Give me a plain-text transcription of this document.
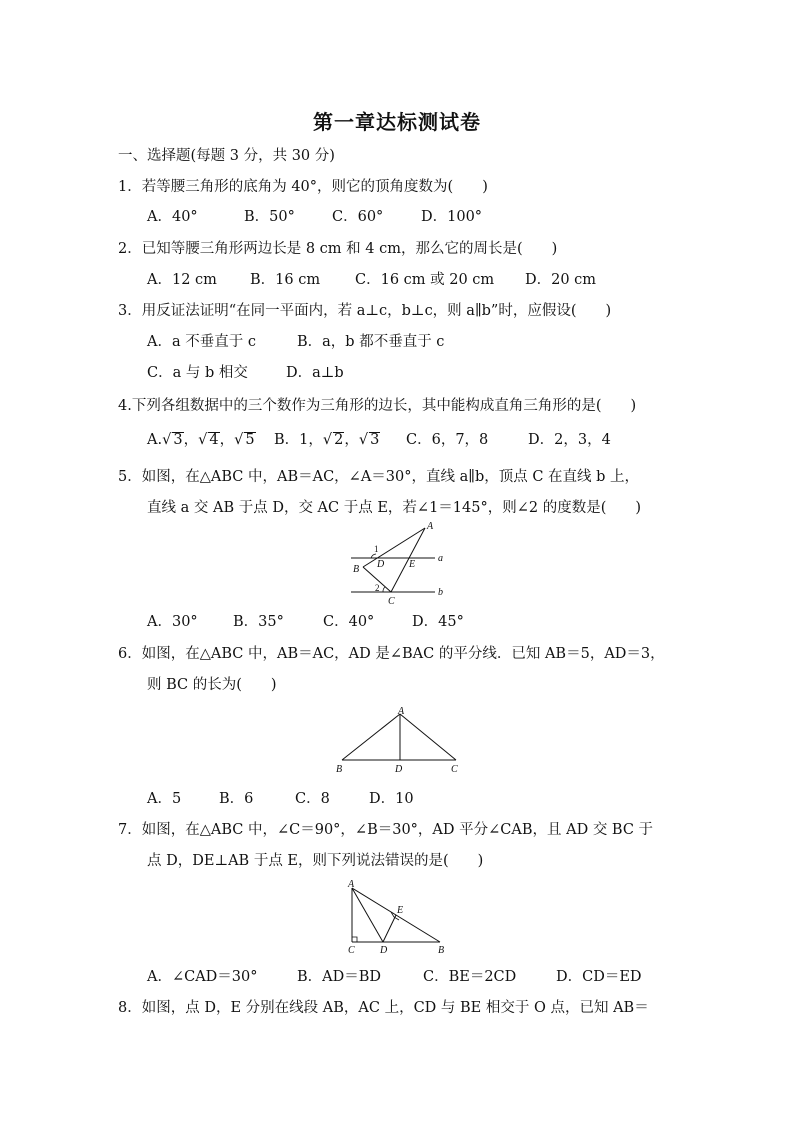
第一章达标测试卷
一、选择题(每题 3 分，共 30 分)
1．若等腰三角形的底角为 40°，则它的顶角度数为(　　)
A．40°	B．50°	C．60°	D．100°
2．已知等腰三角形两边长是 8 cm 和 4 cm，那么它的周长是(　　)
A．12 cm B．16 cm C．16 cm 或 20 cm D．20 cm
3．用反证法证明“在同一平面内，若 a⊥c，b⊥c，则 a∥b”时，应假设(　　)
A．a 不垂直于 c	B．a，b 都不垂直于 c
C．a 与 b 相交	D．a⊥b
4.下列各组数据中的三个数作为三角形的边长，其中能构成直角三角形的是(　　)
A.√ 3，√ 4，√ 5 B．1，√ 2，√ 3 C．6，7，8	D．2，3，4
5．如图，在△ABC 中，AB＝AC，∠A＝30°，直线 a∥b，顶点 C 在直线 b 上，
直线 a 交 AB 于点 D，交 AC 于点 E，若∠1＝145°，则∠2 的度数是(　　)
A
B
C
D E
a
b
1
2
A．30° B．35°	C．40°	D．45°
6．如图，在△ABC 中，AB＝AC，AD 是∠BAC 的平分线．已知 AB＝5，AD＝3，
则 BC 的长为(　　)
A
B	D	C
A．5	B．6	C．8	D．10
7．如图，在△ABC 中，∠C＝90°，∠B＝30°，AD 平分∠CAB，且 AD 交 BC 于
点 D，DE⊥AB 于点 E，则下列说法错误的是(　　)
A
C	D	B
E
A．∠CAD＝30°	B．AD＝BD	C．BE＝2CD	D．CD＝ED
8．如图，点 D，E 分别在线段 AB，AC 上，CD 与 BE 相交于 O 点，已知 AB＝
